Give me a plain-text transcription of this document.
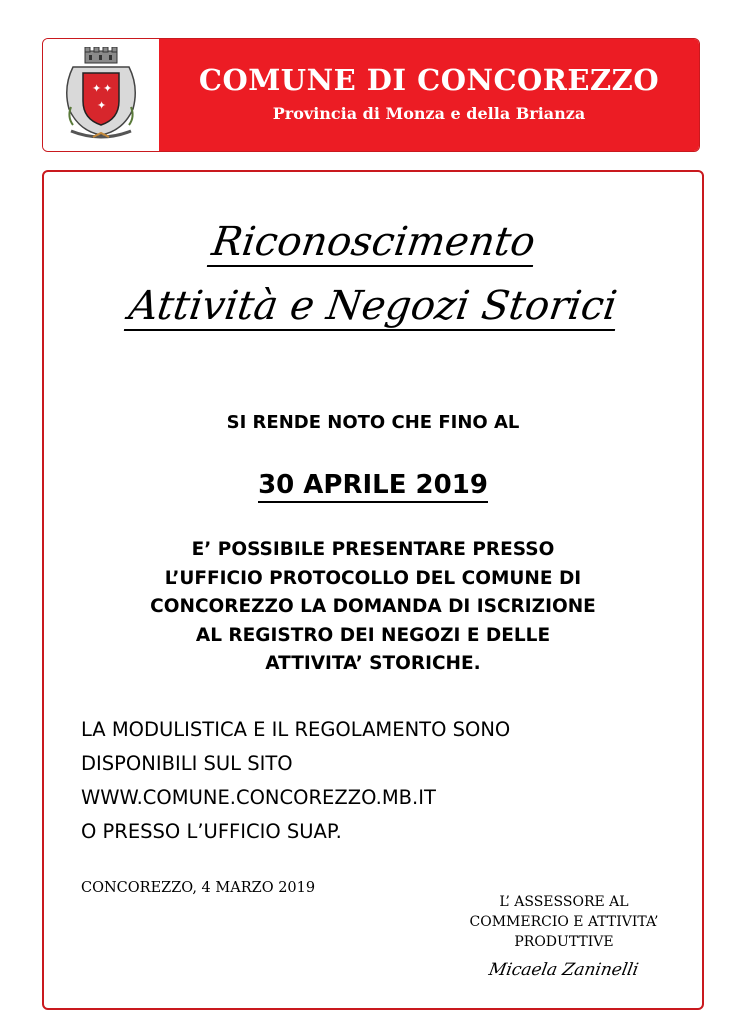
✦ ✦
✦
COMUNE DI CONCOREZZO
Provincia di Monza e della Brianza
Riconoscimento
Attività e Negozi Storici
SI RENDE NOTO CHE FINO AL
30 APRILE 2019
E’ POSSIBILE PRESENTARE PRESSO
L’UFFICIO PROTOCOLLO DEL COMUNE DI
CONCOREZZO LA DOMANDA DI ISCRIZIONE
AL REGISTRO DEI NEGOZI E DELLE
ATTIVITA’ STORICHE.
LA MODULISTICA E IL REGOLAMENTO SONO
DISPONIBILI SUL SITO
WWW.COMUNE.CONCOREZZO.MB.IT
O PRESSO L’UFFICIO SUAP.
CONCOREZZO, 4 MARZO 2019
L’ ASSESSORE AL
COMMERCIO E ATTIVITA’
PRODUTTIVE
Micaela Zaninelli
